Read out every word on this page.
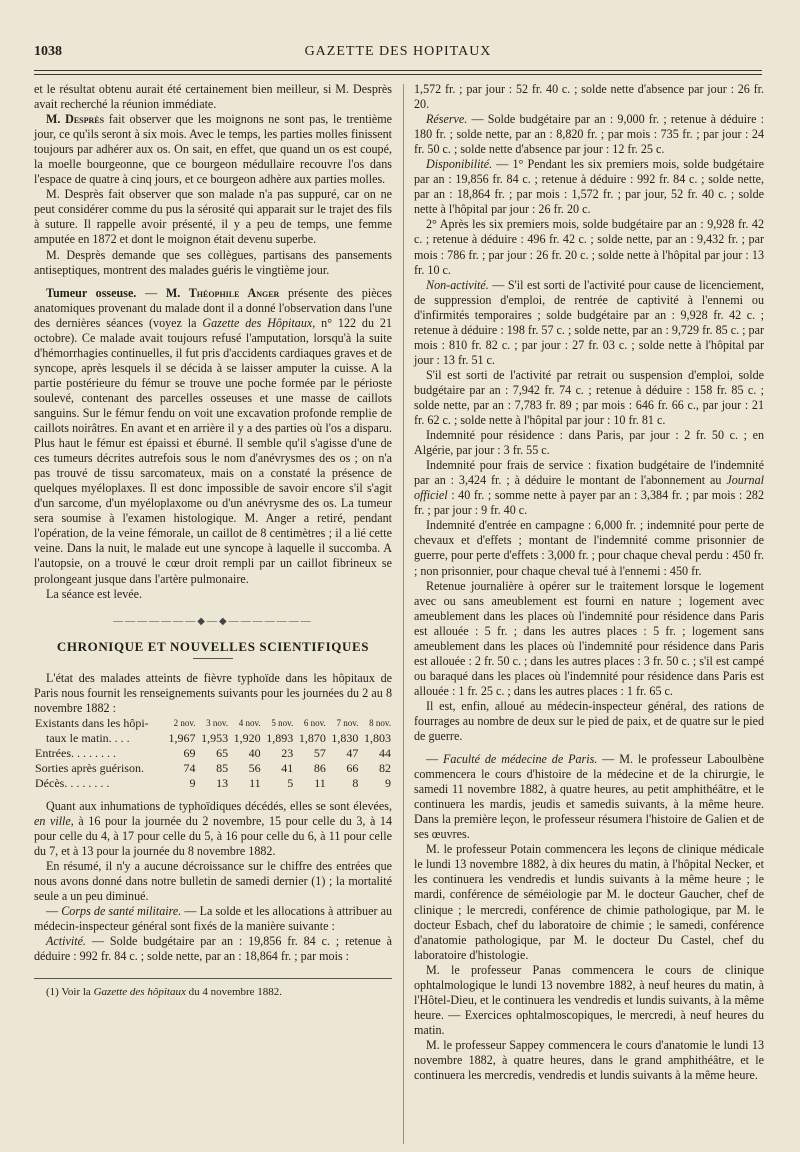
1038	GAZETTE DES HOPITAUX

et le résultat obtenu aurait été certainement bien meilleur, si M. Desprès avait recherché la réunion immédiate.

M. Desprès fait observer que les moignons ne sont pas, le trentième jour, ce qu'ils seront à six mois. Avec le temps, les parties molles finissent toujours par adhérer aux os. On sait, en effet, que quand un os est coupé, la moelle bourgeonne, que ce bourgeon médullaire recouvre l'os dans l'espace de quatre à cinq jours, et ce bourgeon adhère aux parties molles.

M. Desprès fait observer que son malade n'a pas suppuré, car on ne peut considérer comme du pus la sérosité qui apparait sur le trajet des fils à suture. Il rappelle avoir présenté, il y a peu de temps, une femme amputée en 1872 et dont le moignon était devenu superbe.

M. Desprès demande que ses collègues, partisans des pansements antiseptiques, montrent des malades guéris le vingtième jour.

Tumeur osseuse. — M. Théophile Anger présente des pièces anatomiques provenant du malade dont il a donné l'observation dans l'une des dernières séances (voyez la Gazette des Hôpitaux, n° 122 du 21 octobre). Ce malade avait toujours refusé l'amputation, lorsqu'à la suite d'hémorrhagies continuelles, il fut pris d'accidents cardiaques graves et de syncope, après lesquels il se décida à se laisser amputer la cuisse. A la partie postérieure du fémur se trouve une poche formée par le périoste soulevé, contenant des parcelles osseuses et une masse de caillots sanguins. Sur le fémur fendu on voit une excavation profonde remplie de caillots noirâtres. En avant et en arrière il y a des parties où l'os a disparu. Plus haut le fémur est épaissi et éburné. Il semble qu'il s'agisse d'une de ces tumeurs décrites autrefois sous le nom d'anévrysmes des os ; on n'a pas trouvé de tissu sarcomateux, mais on a constaté la présence de quelques myéloplaxes. Il est donc impossible de savoir encore s'il s'agit d'un sarcome, d'un myéloplaxome ou d'un anévrysme des os. La tumeur sera soumise à l'examen histologique. M. Anger a retiré, pendant l'opération, de la veine fémorale, un caillot de 8 centimètres ; il a lié cette veine. Dans la nuit, le malade eut une syncope à laquelle il succomba. A l'autopsie, on a trouvé le cœur droit rempli par un caillot fibrineux se prolongeant jusque dans l'artère pulmonaire.

La séance est levée.

———————◆—◆———————
CHRONIQUE ET NOUVELLES SCIENTIFIQUES

L'état des malades atteints de fièvre typhoïde dans les hôpitaux de Paris nous fournit les renseignements suivants pour les journées du 2 au 8 novembre 1882 :

Existants dans les hôpi-	2 nov.	3 nov.	4 nov.	5 nov.	6 nov.	7 nov.	8 nov.
taux le matin. . . .	1,967	1,953	1,920	1,893	1,870	1,830	1,803
Entrées. . . . . . . .	69	65	40	23	57	47	44
Sorties après guérison.	74	85	56	41	86	66	82
Décès. . . . . . . .	9	13	11	5	11	8	9

Quant aux inhumations de typhoïdiques décédés, elles se sont élevées, en ville, à 16 pour la journée du 2 novembre, 15 pour celle du 3, à 14 pour celle du 4, à 17 pour celle du 5, à 16 pour celle du 6, à 11 pour celle du 7, et à 13 pour la journée du 8 novembre 1882.

En résumé, il n'y a aucune décroissance sur le chiffre des entrées que nous avons donné dans notre bulletin de samedi dernier (1) ; la mortalité seule a un peu diminué.

— Corps de santé militaire. — La solde et les allocations à attribuer au médecin-inspecteur général sont fixés de la manière suivante :

Activité. — Solde budgétaire par an : 19,856 fr. 84 c. ; retenue à déduire : 992 fr. 84 c. ; solde nette, par an : 18,864 fr. ; par mois :

(1) Voir la Gazette des hôpitaux du 4 novembre 1882.

1,572 fr. ; par jour : 52 fr. 40 c. ; solde nette d'absence par jour : 26 fr. 20.

Réserve. — Solde budgétaire par an : 9,000 fr. ; retenue à déduire : 180 fr. ; solde nette, par an : 8,820 fr. ; par mois : 735 fr. ; par jour : 24 fr. 50 c. ; solde nette d'absence par jour : 12 fr. 25 c.

Disponibilité. — 1° Pendant les six premiers mois, solde budgétaire par an : 19,856 fr. 84 c. ; retenue à déduire : 992 fr. 84 c. ; solde nette, par an : 18,864 fr. ; par mois : 1,572 fr. ; par jour, 52 fr. 40 c. ; solde nette à l'hôpital par jour : 26 fr. 20 c.

2° Après les six premiers mois, solde budgétaire par an : 9,928 fr. 42 c. ; retenue à déduire : 496 fr. 42 c. ; solde nette, par an : 9,432 fr. ; par mois : 786 fr. ; par jour : 26 fr. 20 c. ; solde nette à l'hôpital par jour : 13 fr. 10 c.

Non-activité. — S'il est sorti de l'activité pour cause de licenciement, de suppression d'emploi, de rentrée de captivité à l'ennemi ou d'infirmités temporaires ; solde budgétaire par an : 9,928 fr. 42 c. ; retenue à déduire : 198 fr. 57 c. ; solde nette, par an : 9,729 fr. 85 c. ; par mois : 810 fr. 82 c. ; par jour : 27 fr. 03 c. ; solde nette à l'hôpital par jour : 13 fr. 51 c.

S'il est sorti de l'activité par retrait ou suspension d'emploi, solde budgétaire par an : 7,942 fr. 74 c. ; retenue à déduire : 158 fr. 85 c. ; solde nette, par an : 7,783 fr. 89 ; par mois : 646 fr. 66 c., par jour : 21 fr. 62 c. ; solde nette à l'hôpital par jour : 10 fr. 81 c.

Indemnité pour résidence : dans Paris, par jour : 2 fr. 50 c. ; en Algérie, par jour : 3 fr. 55 c.

Indemnité pour frais de service : fixation budgétaire de l'indemnité par an : 3,424 fr. ; à déduire le montant de l'abonnement au Journal officiel : 40 fr. ; somme nette à payer par an : 3,384 fr. ; par mois : 282 fr. ; par jour : 9 fr. 40 c.

Indemnité d'entrée en campagne : 6,000 fr. ; indemnité pour perte de chevaux et d'effets ; montant de l'indemnité comme prisonnier de guerre, pour perte d'effets : 3,000 fr. ; pour chaque cheval perdu : 450 fr. ; non prisonnier, pour chaque cheval tué à l'ennemi : 450 fr.

Retenue journalière à opérer sur le traitement lorsque le logement avec ou sans ameublement est fourni en nature ; logement avec ameublement dans les places où l'indemnité pour résidence dans Paris est allouée : 5 fr. ; dans les autres places : 5 fr. ; logement sans ameublement dans les places où l'indemnité pour résidence dans Paris est allouée : 2 fr. 50 c. ; dans les autres places : 3 fr. 50 c. ; s'il est campé ou baraqué dans les places où l'indemnité pour résidence dans Paris est allouée : 1 fr. 25 c. ; dans les autres places : 1 fr. 65 c.

Il est, enfin, alloué au médecin-inspecteur général, des rations de fourrages au nombre de deux sur le pied de paix, et de quatre sur le pied de guerre.

— Faculté de médecine de Paris. — M. le professeur Laboulbène commencera le cours d'histoire de la médecine et de la chirurgie, le samedi 11 novembre 1882, à quatre heures, au petit amphithéâtre, et le continuera les mardis, jeudis et samedis suivants, à la même heure. Dans la première leçon, le professeur résumera l'histoire de Galien et de ses œuvres.

M. le professeur Potain commencera les leçons de clinique médicale le lundi 13 novembre 1882, à dix heures du matin, à l'hôpital Necker, et les continuera les vendredis et lundis suivants à la même heure ; le mardi, conférence de séméiologie par M. le docteur Gaucher, chef de clinique ; le mercredi, conférence de chimie pathologique, par M. le docteur Esbach, chef du laboratoire de chimie ; le samedi, conférence d'anatomie pathologique, par M. le docteur Du Castel, chef du laboratoire d'histologie.

M. le professeur Panas commencera le cours de clinique ophtalmologique le lundi 13 novembre 1882, à neuf heures du matin, à l'Hôtel-Dieu, et le continuera les vendredis et lundis suivants, à la même heure. — Exercices ophtalmoscopiques, le mercredi, à neuf heures du matin.

M. le professeur Sappey commencera le cours d'anatomie le lundi 13 novembre 1882, à quatre heures, dans le grand amphithéâtre, et le continuera les mercredis, vendredis et lundis suivants à la même heure.
